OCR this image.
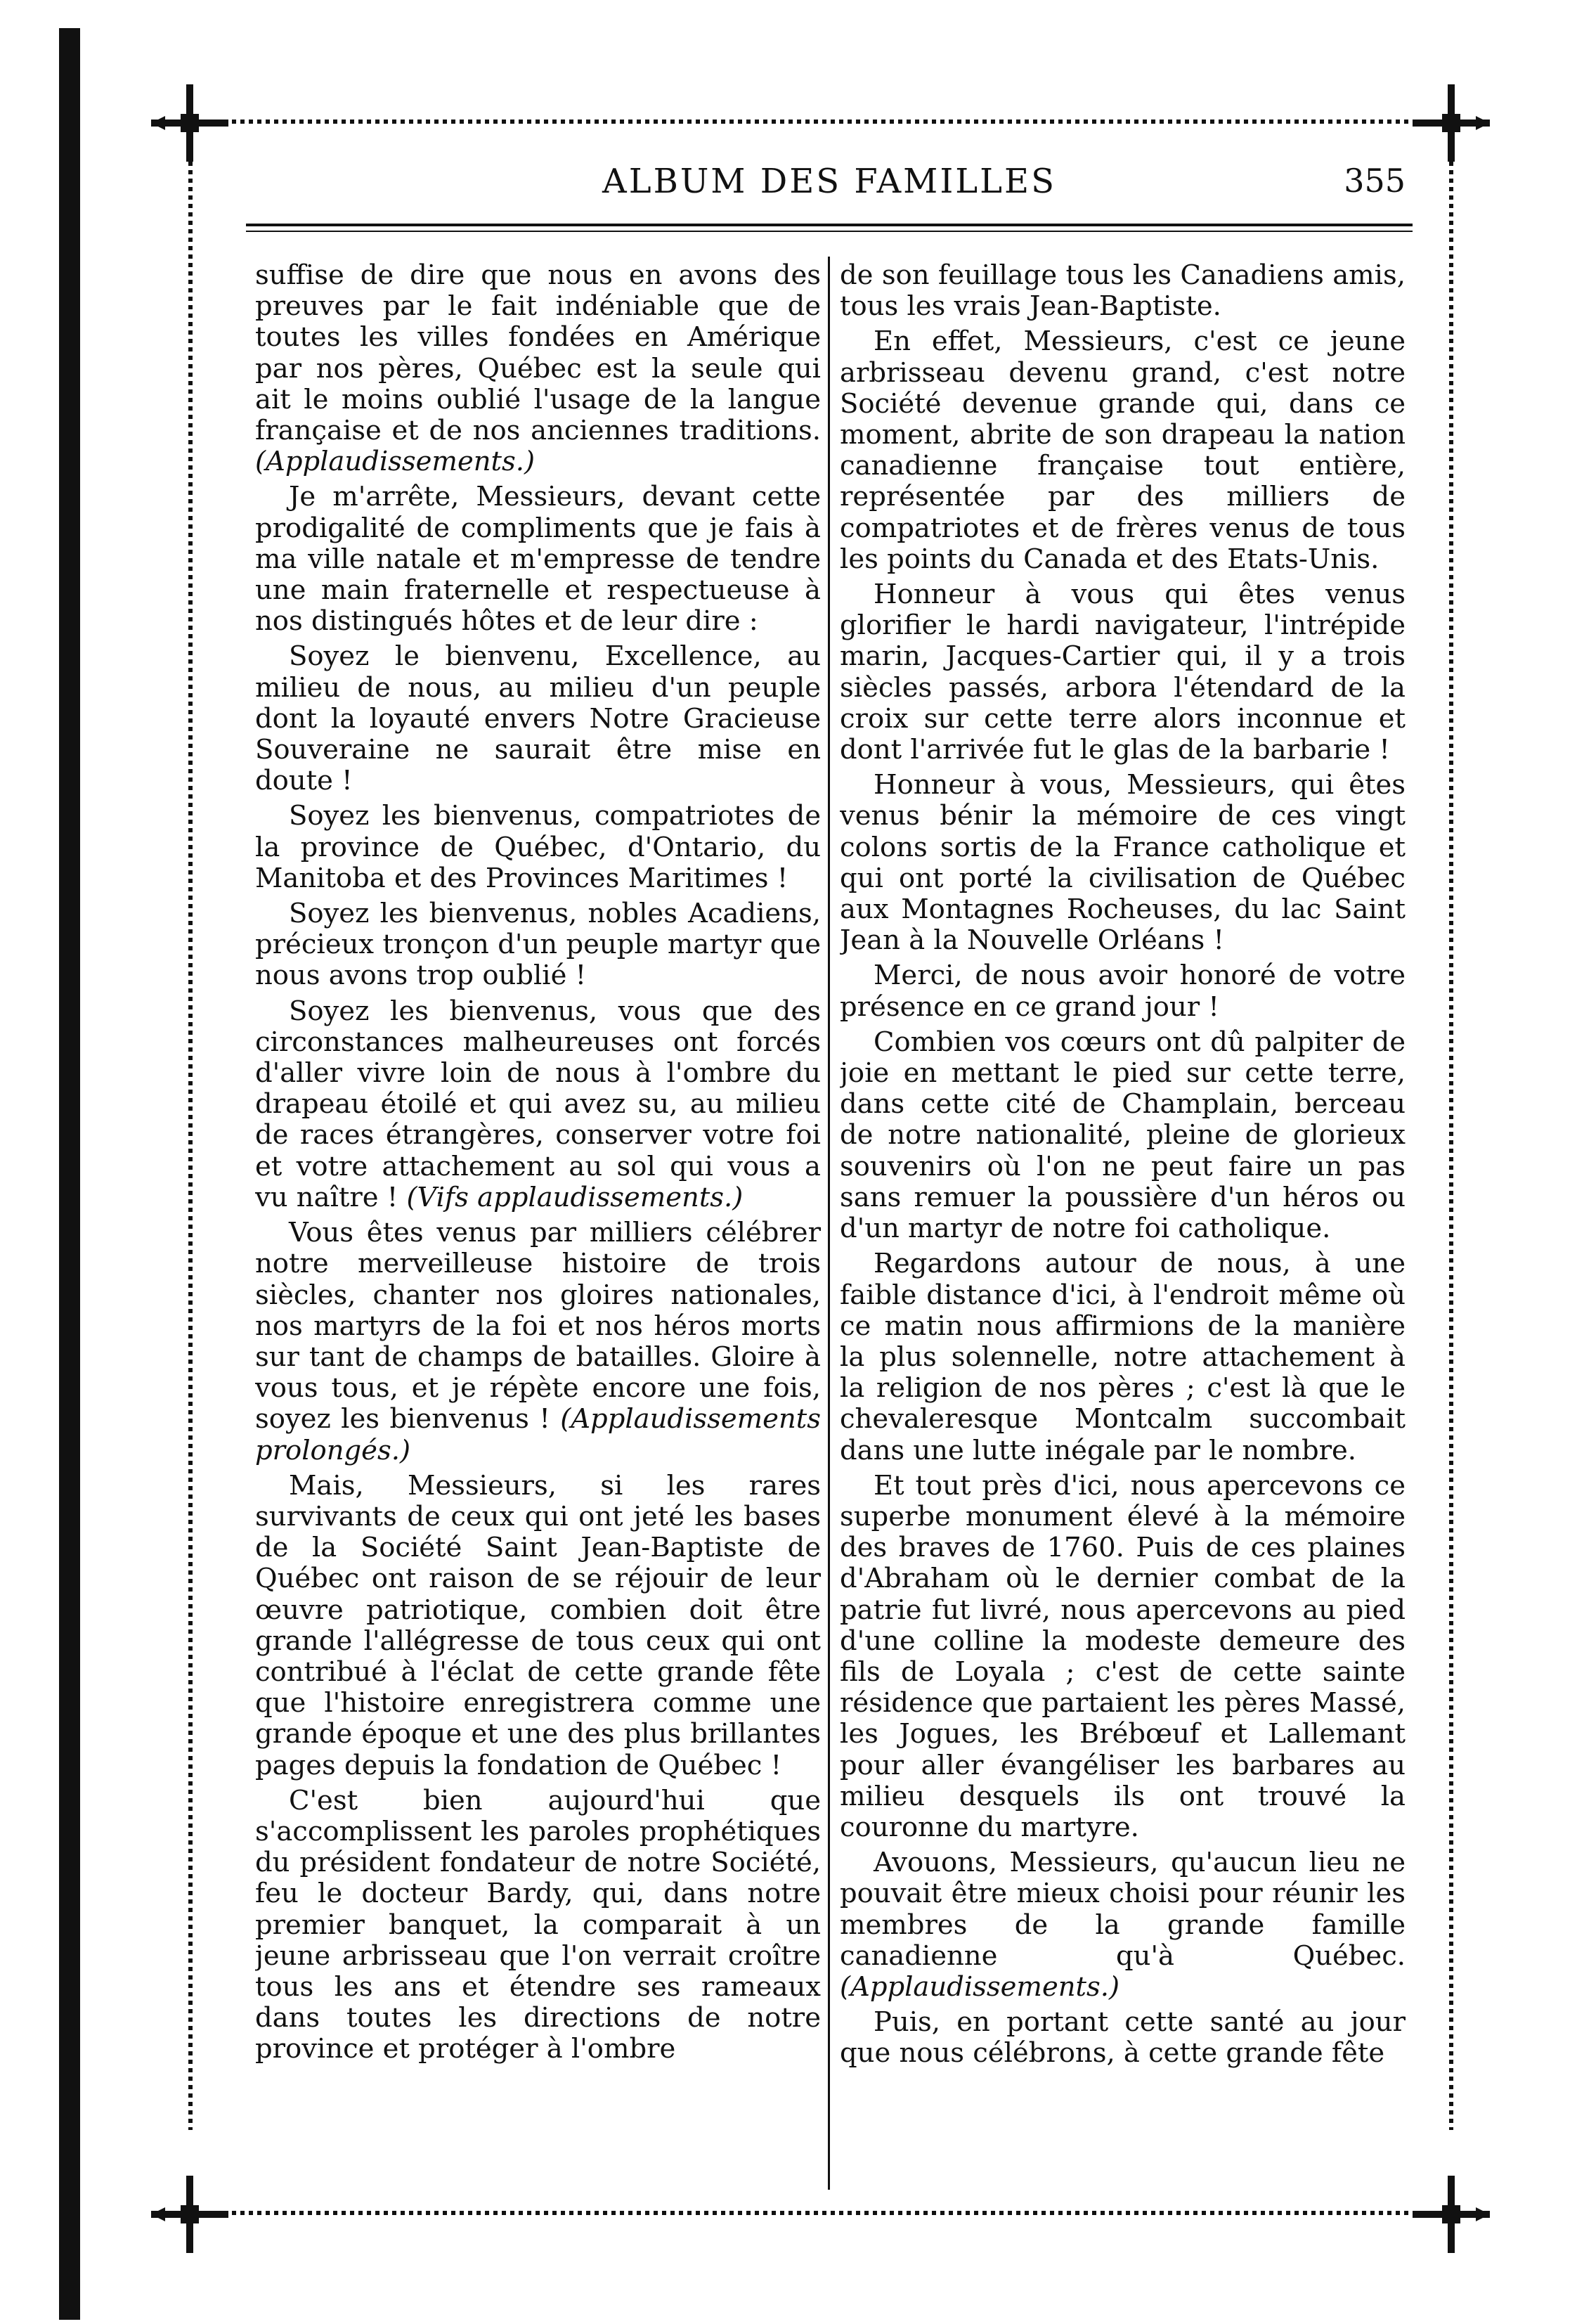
ALBUM DES FAMILLES	355

suffise de dire que nous en avons des preuves par le fait indéniable que de toutes les villes fondées en Amérique par nos pères, Québec est la seule qui ait le moins oublié l'usage de la langue française et de nos anciennes traditions. (Applaudissements.)

Je m'arrête, Messieurs, devant cette prodigalité de compliments que je fais à ma ville natale et m'empresse de tendre une main fraternelle et respectueuse à nos distingués hôtes et de leur dire :

Soyez le bienvenu, Excellence, au milieu de nous, au milieu d'un peuple dont la loyauté envers Notre Gracieuse Souveraine ne saurait être mise en doute !

Soyez les bienvenus, compatriotes de la province de Québec, d'Ontario, du Manitoba et des Provinces Maritimes !

Soyez les bienvenus, nobles Acadiens, précieux tronçon d'un peuple martyr que nous avons trop oublié !

Soyez les bienvenus, vous que des circonstances malheureuses ont forcés d'aller vivre loin de nous à l'ombre du drapeau étoilé et qui avez su, au milieu de races étrangères, conserver votre foi et votre attachement au sol qui vous a vu naître ! (Vifs applaudissements.)

Vous êtes venus par milliers célébrer notre merveilleuse histoire de trois siècles, chanter nos gloires nationales, nos martyrs de la foi et nos héros morts sur tant de champs de batailles. Gloire à vous tous, et je répète encore une fois, soyez les bienvenus ! (Applaudissements prolongés.)

Mais, Messieurs, si les rares survivants de ceux qui ont jeté les bases de la Société Saint Jean-Baptiste de Québec ont raison de se réjouir de leur œuvre patriotique, combien doit être grande l'allégresse de tous ceux qui ont contribué à l'éclat de cette grande fête que l'histoire enregistrera comme une grande époque et une des plus brillantes pages depuis la fondation de Québec !

C'est bien aujourd'hui que s'accomplissent les paroles prophétiques du président fondateur de notre Société, feu le docteur Bardy, qui, dans notre premier banquet, la comparait à un jeune arbrisseau que l'on verrait croître tous les ans et étendre ses rameaux dans toutes les directions de notre province et protéger à l'ombre

de son feuillage tous les Canadiens amis, tous les vrais Jean-Baptiste.

En effet, Messieurs, c'est ce jeune arbrisseau devenu grand, c'est notre Société devenue grande qui, dans ce moment, abrite de son drapeau la nation canadienne française tout entière, représentée par des milliers de compatriotes et de frères venus de tous les points du Canada et des Etats-Unis.

Honneur à vous qui êtes venus glorifier le hardi navigateur, l'intrépide marin, Jacques-Cartier qui, il y a trois siècles passés, arbora l'étendard de la croix sur cette terre alors inconnue et dont l'arrivée fut le glas de la barbarie !

Honneur à vous, Messieurs, qui êtes venus bénir la mémoire de ces vingt colons sortis de la France catholique et qui ont porté la civilisation de Québec aux Montagnes Rocheuses, du lac Saint Jean à la Nouvelle Orléans !

Merci, de nous avoir honoré de votre présence en ce grand jour !

Combien vos cœurs ont dû palpiter de joie en mettant le pied sur cette terre, dans cette cité de Champlain, berceau de notre nationalité, pleine de glorieux souvenirs où l'on ne peut faire un pas sans remuer la poussière d'un héros ou d'un martyr de notre foi catholique.

Regardons autour de nous, à une faible distance d'ici, à l'endroit même où ce matin nous affirmions de la manière la plus solennelle, notre attachement à la religion de nos pères ; c'est là que le chevaleresque Montcalm succombait dans une lutte inégale par le nombre.

Et tout près d'ici, nous apercevons ce superbe monument élevé à la mémoire des braves de 1760. Puis de ces plaines d'Abraham où le dernier combat de la patrie fut livré, nous apercevons au pied d'une colline la modeste demeure des fils de Loyala ; c'est de cette sainte résidence que partaient les pères Massé, les Jogues, les Brébœuf et Lallemant pour aller évangéliser les barbares au milieu desquels ils ont trouvé la couronne du martyre.

Avouons, Messieurs, qu'aucun lieu ne pouvait être mieux choisi pour réunir les membres de la grande famille canadienne qu'à Québec. (Applaudissements.)

Puis, en portant cette santé au jour que nous célébrons, à cette grande fête
